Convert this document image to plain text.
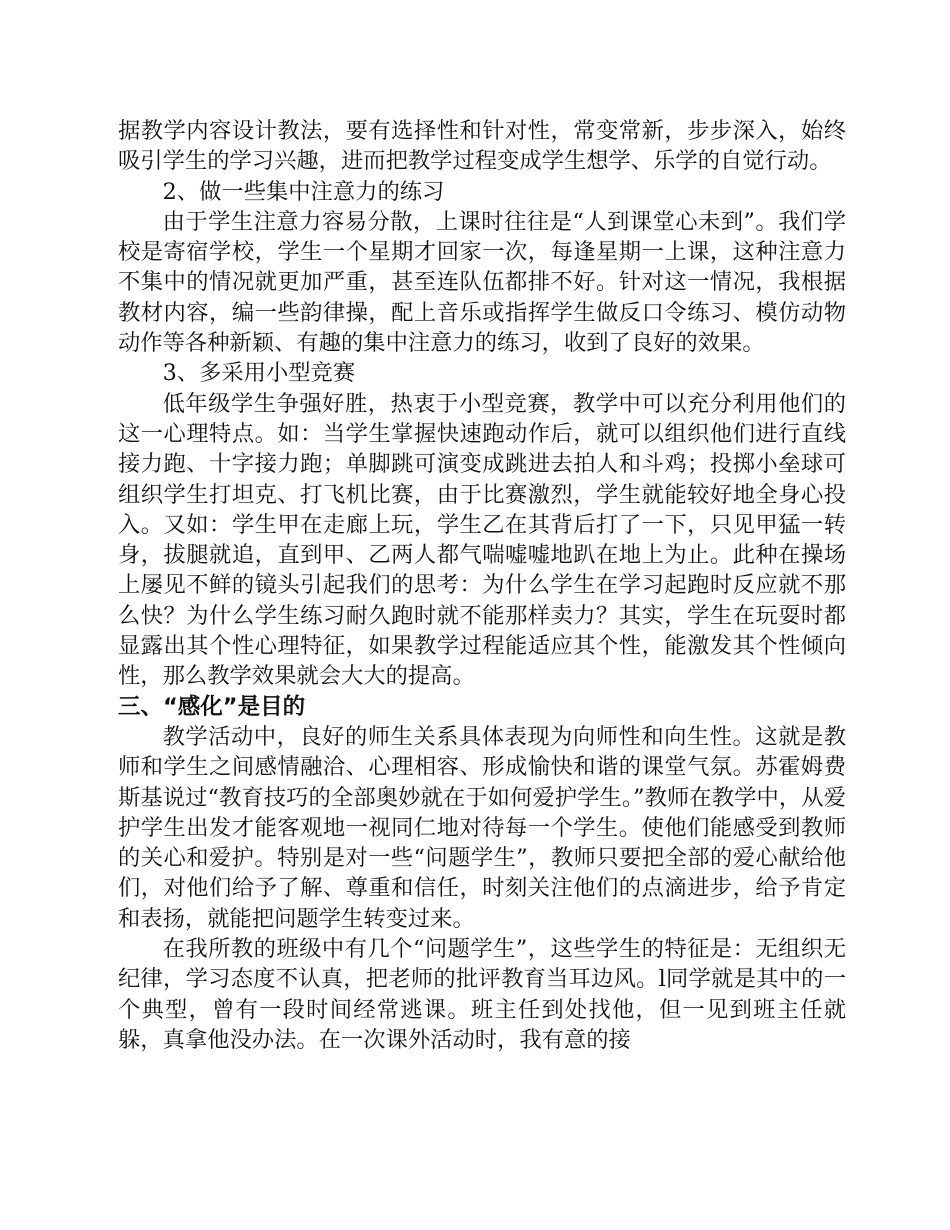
据教学内容设计教法，要有选择性和针对性，常变常新，步步深入，始终吸引学生的学习兴趣，进而把教学过程变成学生想学、乐学的自觉行动。

2、做一些集中注意力的练习

由于学生注意力容易分散，上课时往往是“人到课堂心未到”。我们学校是寄宿学校，学生一个星期才回家一次，每逢星期一上课，这种注意力不集中的情况就更加严重，甚至连队伍都排不好。针对这一情况，我根据教材内容，编一些韵律操，配上音乐或指挥学生做反口令练习、模仿动物动作等各种新颖、有趣的集中注意力的练习，收到了良好的效果。

3、多采用小型竞赛

低年级学生争强好胜，热衷于小型竞赛，教学中可以充分利用他们的这一心理特点。如：当学生掌握快速跑动作后，就可以组织他们进行直线接力跑、十字接力跑；单脚跳可演变成跳进去拍人和斗鸡；投掷小垒球可组织学生打坦克、打飞机比赛，由于比赛激烈，学生就能较好地全身心投入。又如：学生甲在走廊上玩，学生乙在其背后打了一下，只见甲猛一转身，拔腿就追，直到甲、乙两人都气喘嘘嘘地趴在地上为止。此种在操场上屡见不鲜的镜头引起我们的思考：为什么学生在学习起跑时反应就不那么快？为什么学生练习耐久跑时就不能那样卖力？其实，学生在玩耍时都显露出其个性心理特征，如果教学过程能适应其个性，能激发其个性倾向性，那么教学效果就会大大的提高。

三、“感化”是目的

教学活动中，良好的师生关系具体表现为向师性和向生性。这就是教师和学生之间感情融洽、心理相容、形成愉快和谐的课堂气氛。苏霍姆费斯基说过“教育技巧的全部奥妙就在于如何爱护学生。”教师在教学中，从爱护学生出发才能客观地一视同仁地对待每一个学生。使他们能感受到教师的关心和爱护。特别是对一些“问题学生”，教师只要把全部的爱心献给他们，对他们给予了解、尊重和信任，时刻关注他们的点滴进步，给予肯定和表扬，就能把问题学生转变过来。

在我所教的班级中有几个“问题学生”，这些学生的特征是：无组织无纪律，学习态度不认真，把老师的批评教育当耳边风。l同学就是其中的一个典型，曾有一段时间经常逃课。班主任到处找他，但一见到班主任就躲，真拿他没办法。在一次课外活动时，我有意的接
